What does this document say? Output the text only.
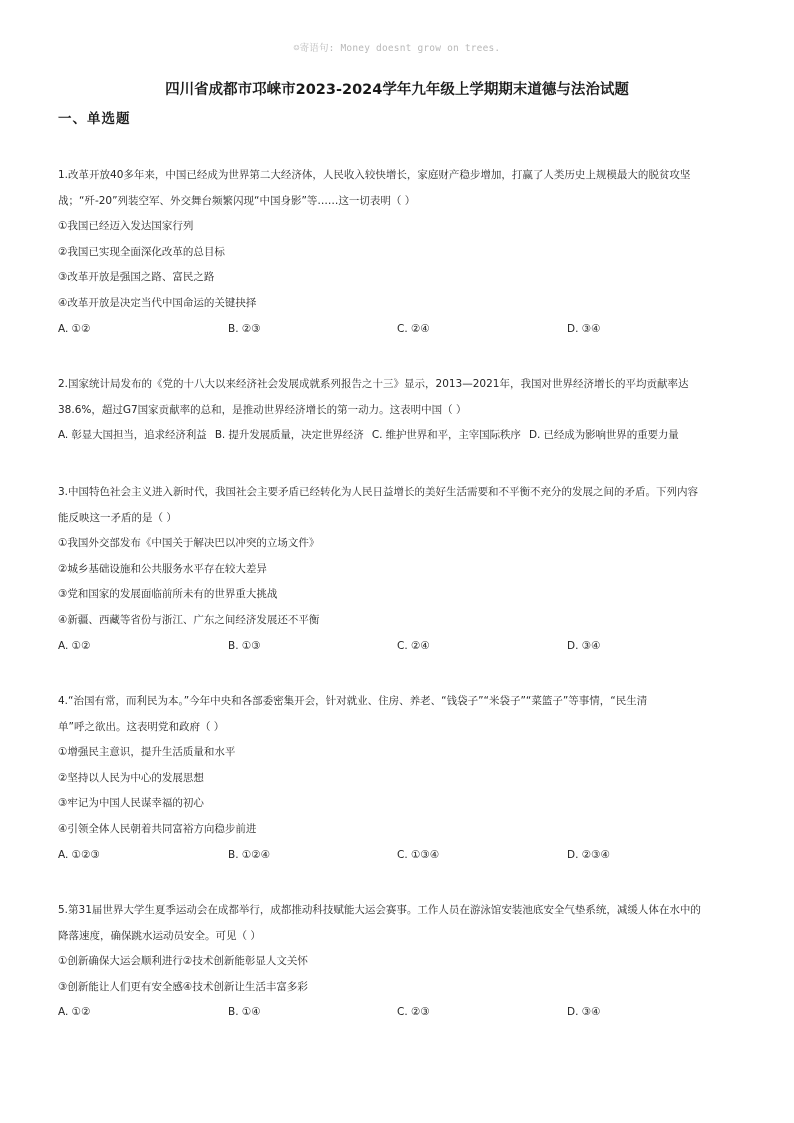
☺寄语句: Money doesnt grow on trees.
四川省成都市邛崃市2023-2024学年九年级上学期期末道德与法治试题
一、单选题
1.改革开放40多年来，中国已经成为世界第二大经济体，人民收入较快增长，家庭财产稳步增加，打赢了人类历史上规模最大的脱贫攻坚
战；“歼-20”列装空军、外交舞台频繁闪现“中国身影”等……这一切表明（ ）
①我国已经迈入发达国家行列
②我国已实现全面深化改革的总目标
③改革开放是强国之路、富民之路
④改革开放是决定当代中国命运的关键抉择
A. ①②	B. ②③	C. ②④	D. ③④
2.国家统计局发布的《党的十八大以来经济社会发展成就系列报告之十三》显示，2013—2021年，我国对世界经济增长的平均贡献率达
38.6%，超过G7国家贡献率的总和，是推动世界经济增长的第一动力。这表明中国（ ）
A. 彰显大国担当，追求经济利益 B. 提升发展质量，决定世界经济 C. 维护世界和平，主宰国际秩序 D. 已经成为影响世界的重要力量
3.中国特色社会主义进入新时代，我国社会主要矛盾已经转化为人民日益增长的美好生活需要和不平衡不充分的发展之间的矛盾。下列内容
能反映这一矛盾的是（ ）
①我国外交部发布《中国关于解决巴以冲突的立场文件》
②城乡基础设施和公共服务水平存在较大差异
③党和国家的发展面临前所未有的世界重大挑战
④新疆、西藏等省份与浙江、广东之间经济发展还不平衡
A. ①②	B. ①③	C. ②④	D. ③④
4.“治国有常，而利民为本。”今年中央和各部委密集开会，针对就业、住房、养老、“钱袋子”“米袋子”“菜篮子”等事情，“民生清
单”呼之欲出。这表明党和政府（ ）
①增强民主意识，提升生活质量和水平
②坚持以人民为中心的发展思想
③牢记为中国人民谋幸福的初心
④引领全体人民朝着共同富裕方向稳步前进
A. ①②③	B. ①②④	C. ①③④	D. ②③④
5.第31届世界大学生夏季运动会在成都举行，成都推动科技赋能大运会赛事。工作人员在游泳馆安装池底安全气垫系统，减缓人体在水中的
降落速度，确保跳水运动员安全。可见（ ）
①创新确保大运会顺利进行②技术创新能彰显人文关怀
③创新能让人们更有安全感④技术创新让生活丰富多彩
A. ①②	B. ①④	C. ②③	D. ③④
